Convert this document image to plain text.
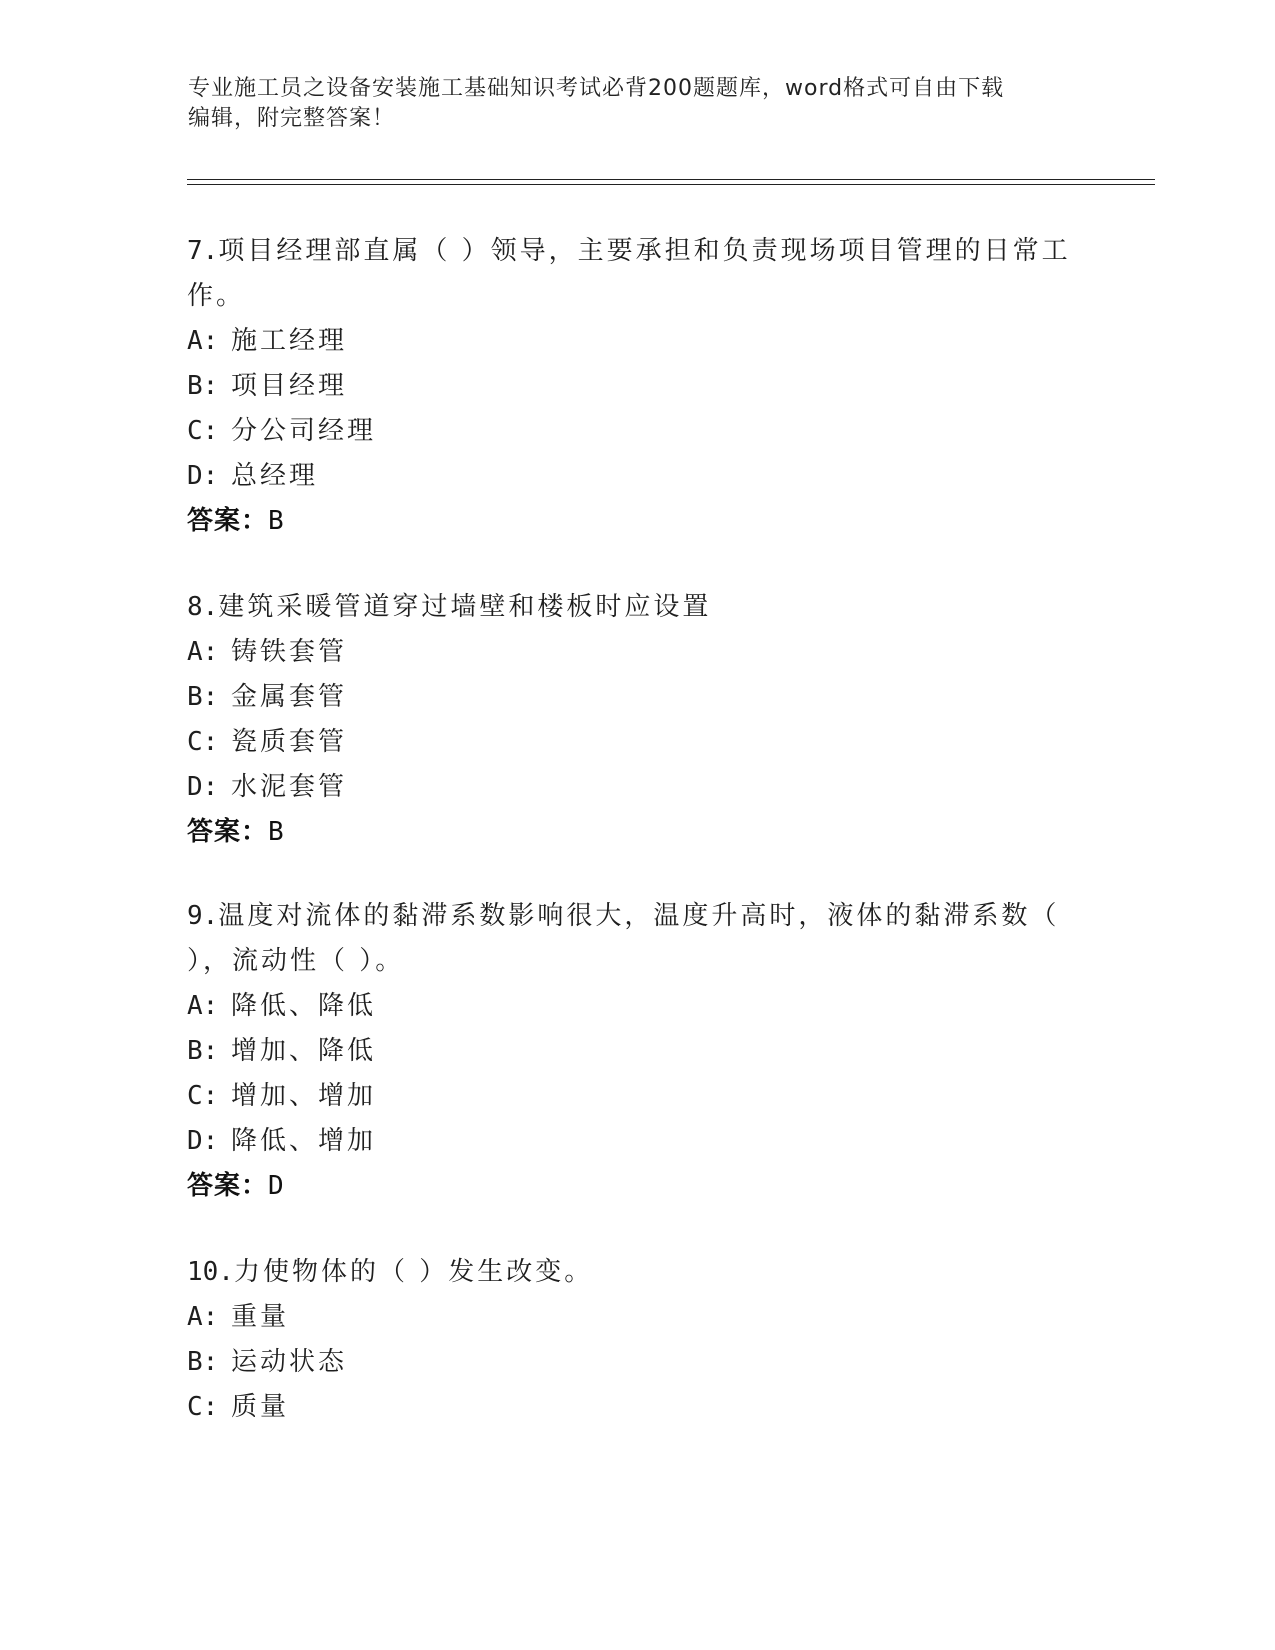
专业施工员之设备安装施工基础知识考试必背200题题库，word格式可自由下载
编辑，附完整答案！
7.项目经理部直属（ ）领导，主要承担和负责现场项目管理的日常工
作。
A: 施工经理
B: 项目经理
C: 分公司经理
D: 总经理
答案：B
8.建筑采暖管道穿过墙壁和楼板时应设置
A: 铸铁套管
B: 金属套管
C: 瓷质套管
D: 水泥套管
答案：B
9.温度对流体的黏滞系数影响很大，温度升高时，液体的黏滞系数（
），流动性（ ）。
A: 降低、降低
B: 增加、降低
C: 增加、增加
D: 降低、增加
答案：D
10.力使物体的（ ）发生改变。
A: 重量
B: 运动状态
C: 质量
